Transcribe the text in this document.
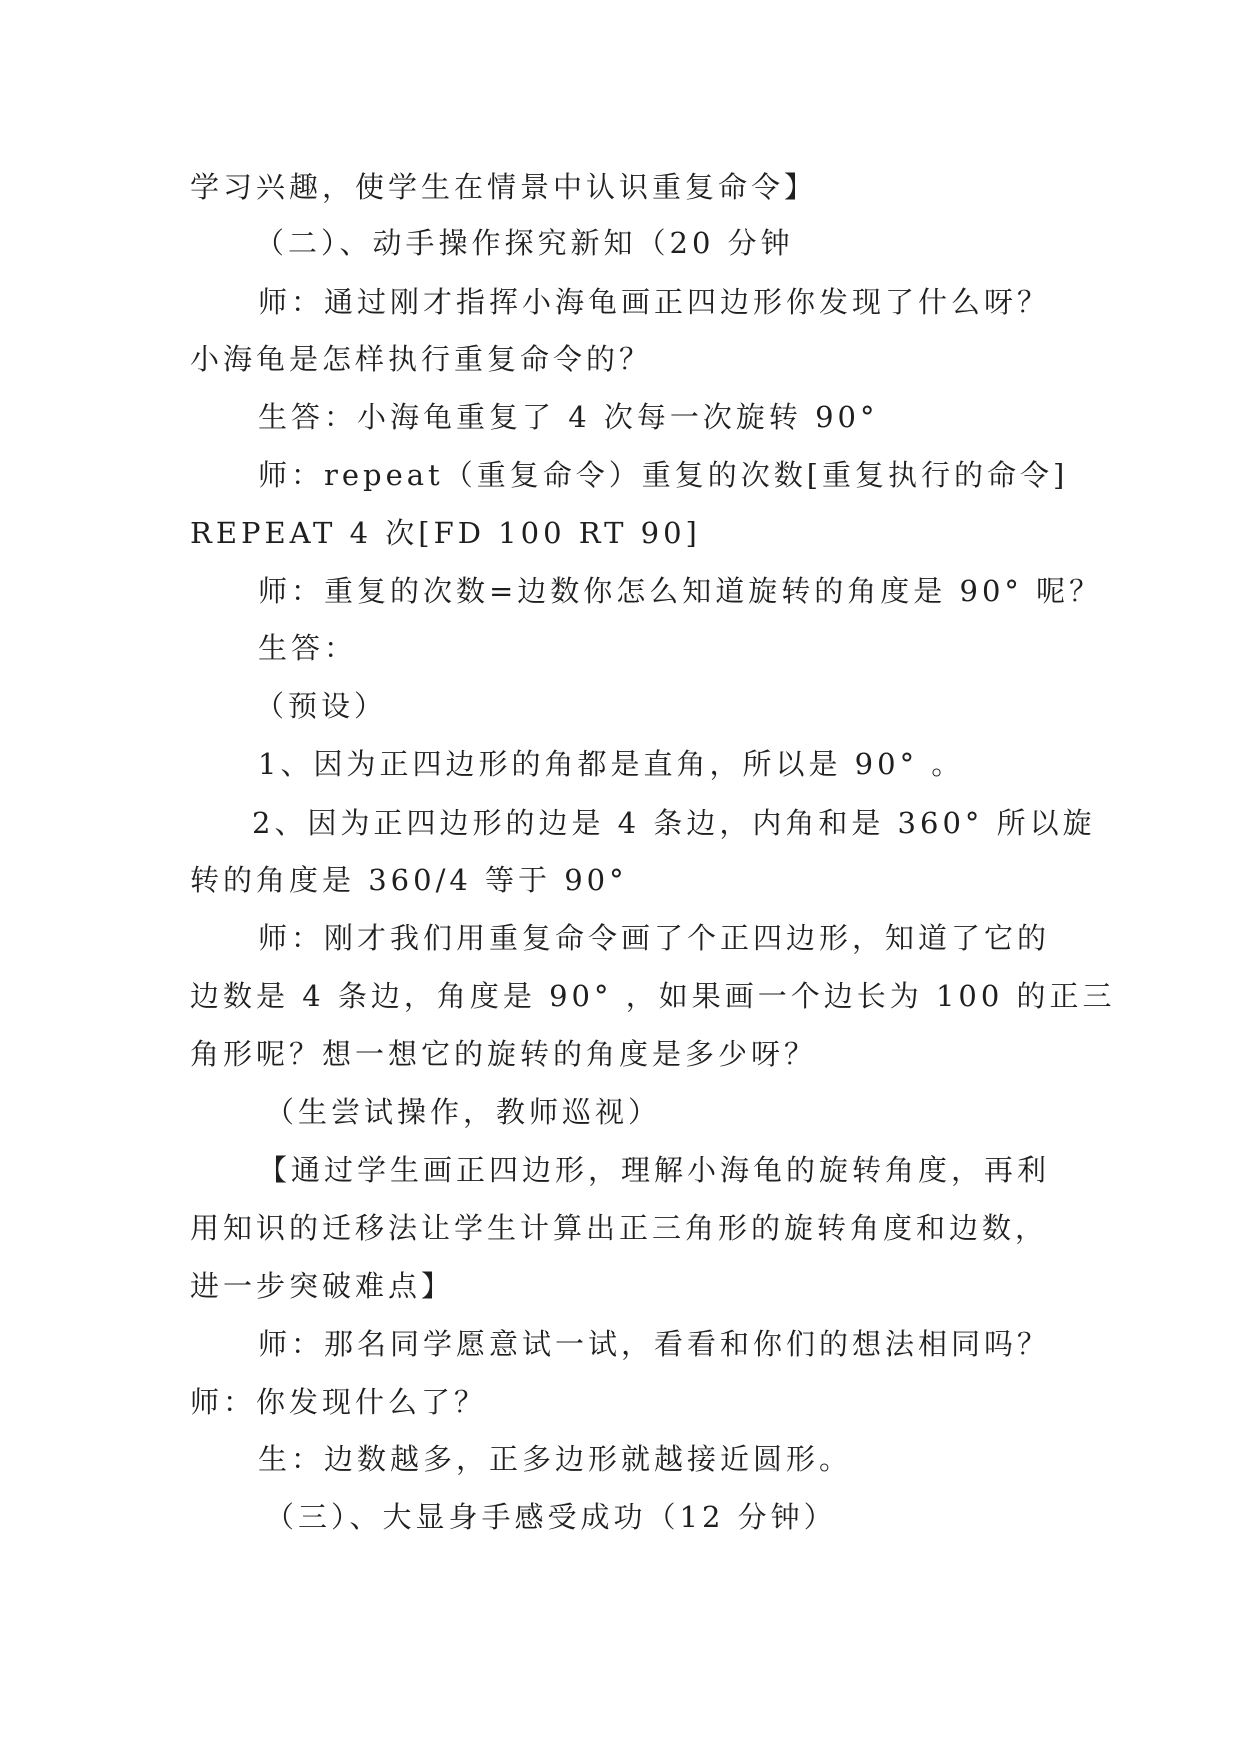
学习兴趣，使学生在情景中认识重复命令】
（二）、动手操作探究新知（20 分钟
师：通过刚才指挥小海龟画正四边形你发现了什么呀？
小海龟是怎样执行重复命令的？
生答：小海龟重复了 4 次每一次旋转 90°
师：repeat（重复命令）重复的次数[重复执行的命令]
REPEAT 4 次[FD 100 RT 90]
师：重复的次数=边数你怎么知道旋转的角度是 90° 呢？
生答：
（预设）
1、因为正四边形的角都是直角，所以是 90° 。
2、因为正四边形的边是 4 条边，内角和是 360° 所以旋
转的角度是 360/4 等于 90°
师：刚才我们用重复命令画了个正四边形，知道了它的
边数是 4 条边，角度是 90° ，如果画一个边长为 100 的正三
角形呢？想一想它的旋转的角度是多少呀？
（生尝试操作，教师巡视）
【通过学生画正四边形，理解小海龟的旋转角度，再利
用知识的迁移法让学生计算出正三角形的旋转角度和边数，
进一步突破难点】
师：那名同学愿意试一试，看看和你们的想法相同吗？
师：你发现什么了？
生：边数越多，正多边形就越接近圆形。
（三）、大显身手感受成功（12 分钟）
